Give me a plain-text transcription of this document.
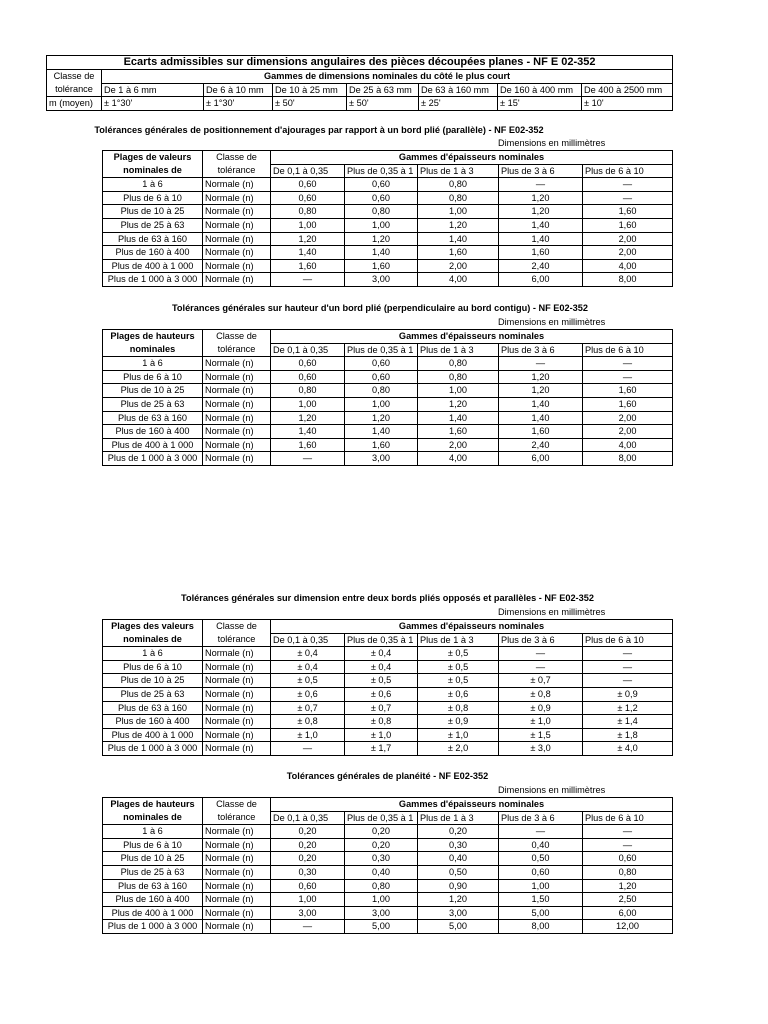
Ecarts admissibles sur dimensions angulaires des pièces découpées planes - NF E 02-352							
Classe de	Gammes de dimensions nominales du côté le plus court						
tolérance	De 1 à 6 mm	De 6 à 10 mm	De 10 à 25 mm	De 25 à 63 mm	De 63 à 160 mm	De 160 à 400 mm	De 400 à 2500 mm
m (moyen)	± 1°30'	± 1°30'	± 50'	± 50'	± 25'	± 15'	± 10'
Tolérances générales de positionnement d'ajourages par rapport à un bord plié (parallèle) - NF E02-352
Dimensions en millimètres
Plages de valeurs	Classe de	Gammes d'épaisseurs nominales				
nominales de	tolérance	De 0,1 à 0,35	Plus de 0,35 à 1	Plus de 1 à 3	Plus de 3 à 6	Plus de 6 à 10
1 à 6	Normale (n)	0,60	0,60	0,80	—	—
Plus de 6 à 10	Normale (n)	0,60	0,60	0,80	1,20	—
Plus de 10 à 25	Normale (n)	0,80	0,80	1,00	1,20	1,60
Plus de 25 à 63	Normale (n)	1,00	1,00	1,20	1,40	1,60
Plus de 63 à 160	Normale (n)	1,20	1,20	1,40	1,40	2,00
Plus de 160 à 400	Normale (n)	1,40	1,40	1,60	1,60	2,00
Plus de 400 à 1 000	Normale (n)	1,60	1,60	2,00	2,40	4,00
Plus de 1 000 à 3 000	Normale (n)	—	3,00	4,00	6,00	8,00
Tolérances générales sur hauteur d'un bord plié (perpendiculaire au bord contigu) - NF E02-352
Dimensions en millimètres
Plages de hauteurs	Classe de	Gammes d'épaisseurs nominales				
nominales	tolérance	De 0,1 à 0,35	Plus de 0,35 à 1	Plus de 1 à 3	Plus de 3 à 6	Plus de 6 à 10
1 à 6	Normale (n)	0,60	0,60	0,80	—	—
Plus de 6 à 10	Normale (n)	0,60	0,60	0,80	1,20	—
Plus de 10 à 25	Normale (n)	0,80	0,80	1,00	1,20	1,60
Plus de 25 à 63	Normale (n)	1,00	1,00	1,20	1,40	1,60
Plus de 63 à 160	Normale (n)	1,20	1,20	1,40	1,40	2,00
Plus de 160 à 400	Normale (n)	1,40	1,40	1,60	1,60	2,00
Plus de 400 à 1 000	Normale (n)	1,60	1,60	2,00	2,40	4,00
Plus de 1 000 à 3 000	Normale (n)	—	3,00	4,00	6,00	8,00
Tolérances générales sur dimension entre deux bords pliés opposés et parallèles - NF E02-352
Dimensions en millimètres
Plages des valeurs	Classe de	Gammes d'épaisseurs nominales				
nominales de	tolérance	De 0,1 à 0,35	Plus de 0,35 à 1	Plus de 1 à 3	Plus de 3 à 6	Plus de 6 à 10
1 à 6	Normale (n)	± 0,4	± 0,4	± 0,5	—	—
Plus de 6 à 10	Normale (n)	± 0,4	± 0,4	± 0,5	—	—
Plus de 10 à 25	Normale (n)	± 0,5	± 0,5	± 0,5	± 0,7	—
Plus de 25 à 63	Normale (n)	± 0,6	± 0,6	± 0,6	± 0,8	± 0,9
Plus de 63 à 160	Normale (n)	± 0,7	± 0,7	± 0,8	± 0,9	± 1,2
Plus de 160 à 400	Normale (n)	± 0,8	± 0,8	± 0,9	± 1,0	± 1,4
Plus de 400 à 1 000	Normale (n)	± 1,0	± 1,0	± 1,0	± 1,5	± 1,8
Plus de 1 000 à 3 000	Normale (n)	—	± 1,7	± 2,0	± 3,0	± 4,0
Tolérances générales de planéité - NF E02-352
Dimensions en millimètres
Plages de hauteurs	Classe de	Gammes d'épaisseurs nominales				
nominales de	tolérance	De 0,1 à 0,35	Plus de 0,35 à 1	Plus de 1 à 3	Plus de 3 à 6	Plus de 6 à 10
1 à 6	Normale (n)	0,20	0,20	0,20	—	—
Plus de 6 à 10	Normale (n)	0,20	0,20	0,30	0,40	—
Plus de 10 à 25	Normale (n)	0,20	0,30	0,40	0,50	0,60
Plus de 25 à 63	Normale (n)	0,30	0,40	0,50	0,60	0,80
Plus de 63 à 160	Normale (n)	0,60	0,80	0,90	1,00	1,20
Plus de 160 à 400	Normale (n)	1,00	1,00	1,20	1,50	2,50
Plus de 400 à 1 000	Normale (n)	3,00	3,00	3,00	5,00	6,00
Plus de 1 000 à 3 000	Normale (n)	—	5,00	5,00	8,00	12,00
